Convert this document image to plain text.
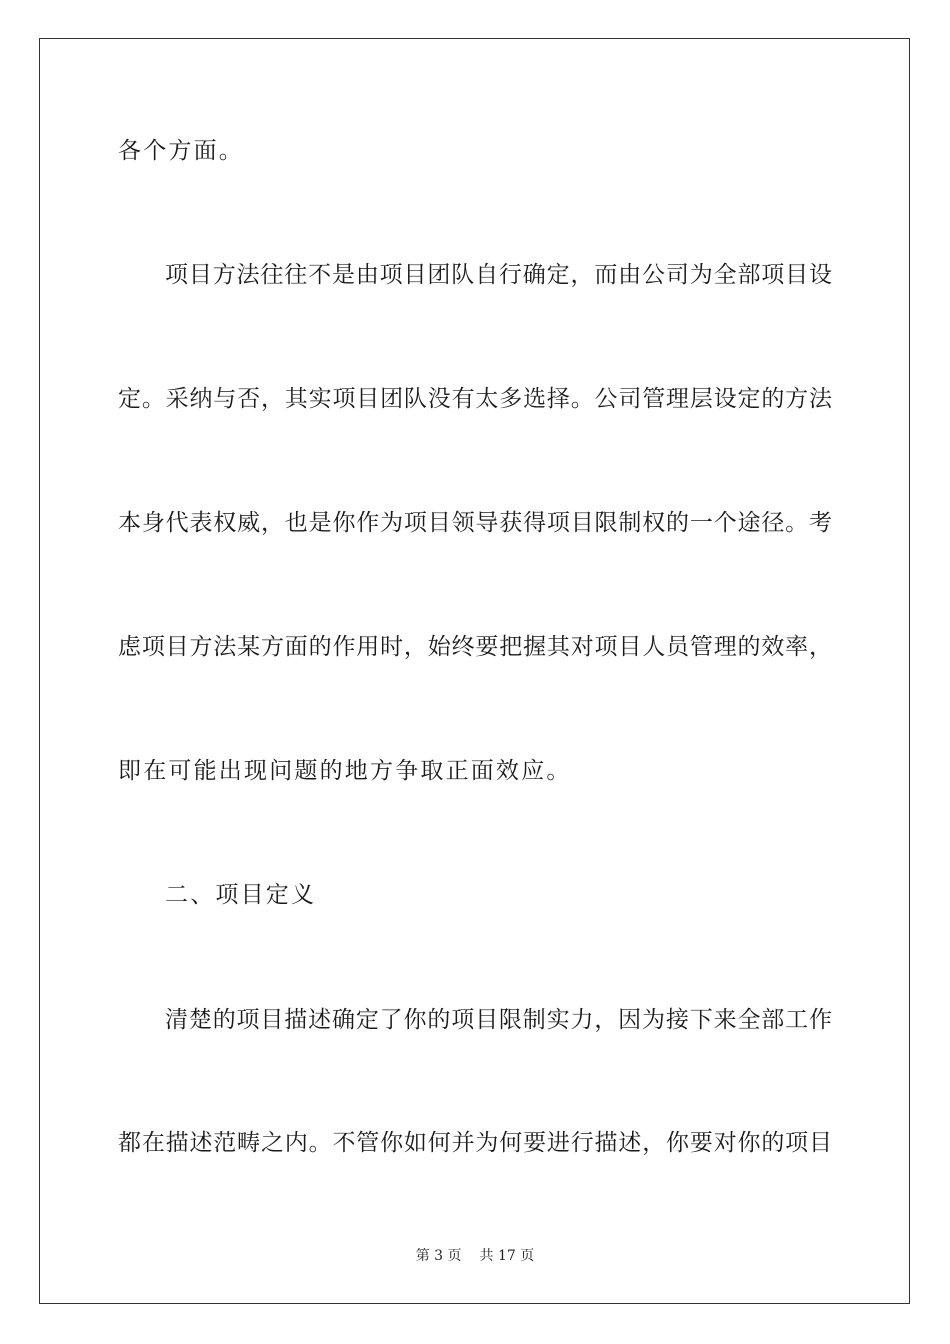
各个方面。
项目方法往往不是由项目团队自行确定，而由公司为全部项目设
定。采纳与否，其实项目团队没有太多选择。公司管理层设定的方法
本身代表权威，也是你作为项目领导获得项目限制权的一个途径。考
虑项目方法某方面的作用时，始终要把握其对项目人员管理的效率，
即在可能出现问题的地方争取正面效应。
二、项目定义
清楚的项目描述确定了你的项目限制实力，因为接下来全部工作
都在描述范畴之内。不管你如何并为何要进行描述，你要对你的项目
第 3 页 共 17 页
